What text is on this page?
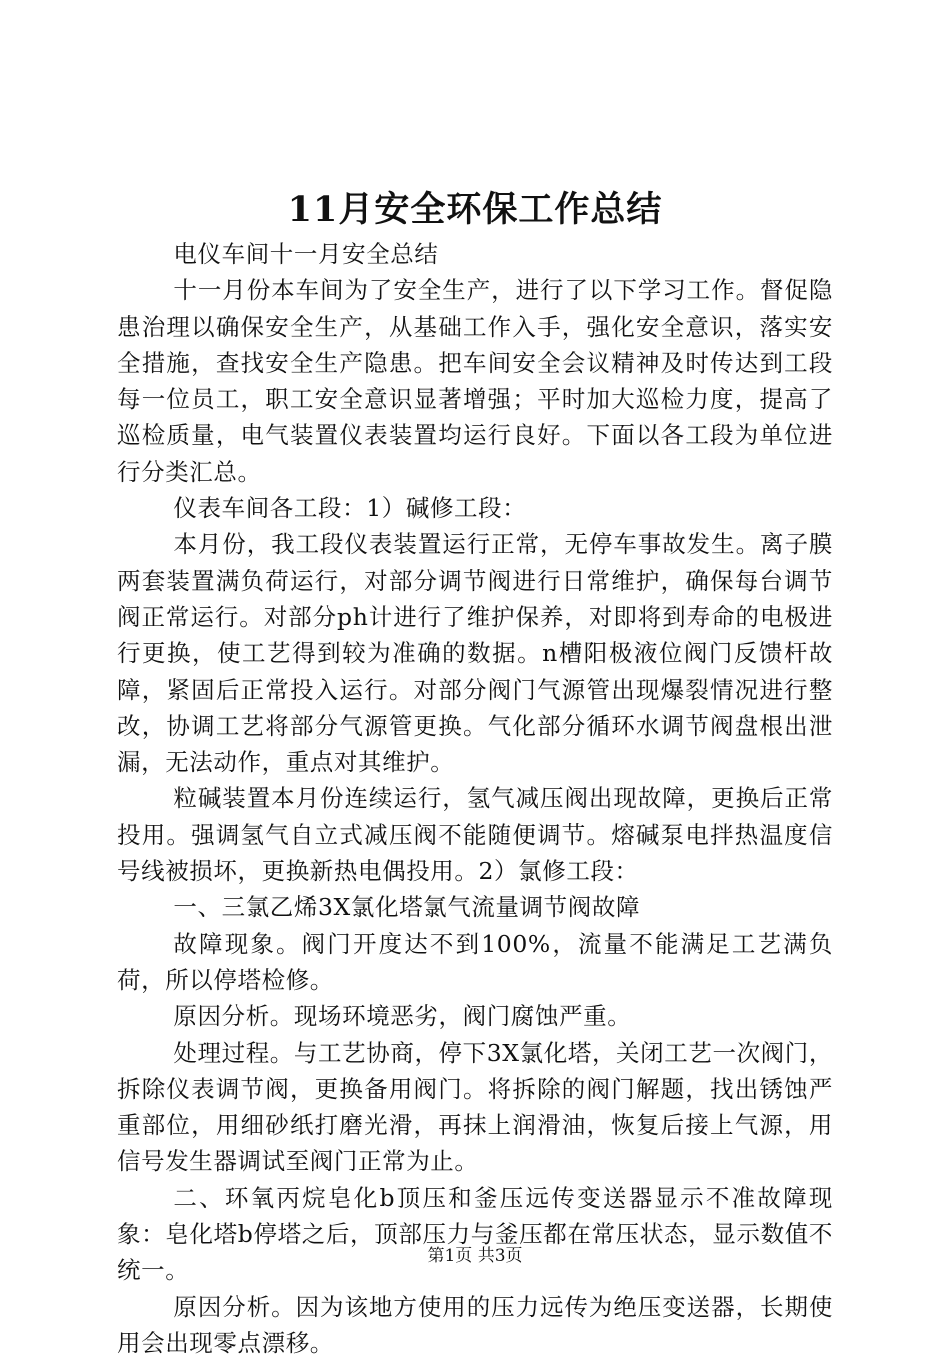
11月安全环保工作总结

电仪车间十一月安全总结

十一月份本车间为了安全生产，进行了以下学习工作。督促隐患治理以确保安全生产，从基础工作入手，强化安全意识，落实安全措施，查找安全生产隐患。把车间安全会议精神及时传达到工段每一位员工，职工安全意识显著增强；平时加大巡检力度，提高了巡检质量，电气装置仪表装置均运行良好。下面以各工段为单位进行分类汇总。

仪表车间各工段：1）碱修工段：

本月份，我工段仪表装置运行正常，无停车事故发生。离子膜两套装置满负荷运行，对部分调节阀进行日常维护，确保每台调节阀正常运行。对部分ph计进行了维护保养，对即将到寿命的电极进行更换，使工艺得到较为准确的数据。n槽阳极液位阀门反馈杆故障，紧固后正常投入运行。对部分阀门气源管出现爆裂情况进行整改，协调工艺将部分气源管更换。气化部分循环水调节阀盘根出泄漏，无法动作，重点对其维护。

粒碱装置本月份连续运行，氢气减压阀出现故障，更换后正常投用。强调氢气自立式减压阀不能随便调节。熔碱泵电拌热温度信号线被损坏，更换新热电偶投用。2）氯修工段：

一、三氯乙烯3X氯化塔氯气流量调节阀故障

故障现象。阀门开度达不到100%，流量不能满足工艺满负荷，所以停塔检修。

原因分析。现场环境恶劣，阀门腐蚀严重。

处理过程。与工艺协商，停下3X氯化塔，关闭工艺一次阀门，拆除仪表调节阀，更换备用阀门。将拆除的阀门解题，找出锈蚀严重部位，用细砂纸打磨光滑，再抹上润滑油，恢复后接上气源，用信号发生器调试至阀门正常为止。

二、环氧丙烷皂化b顶压和釜压远传变送器显示不准故障现象：皂化塔b停塔之后，顶部压力与釜压都在常压状态，显示数值不统一。

原因分析。因为该地方使用的压力远传为绝压变送器，长期使用会出现零点漂移。

第1页 共3页
